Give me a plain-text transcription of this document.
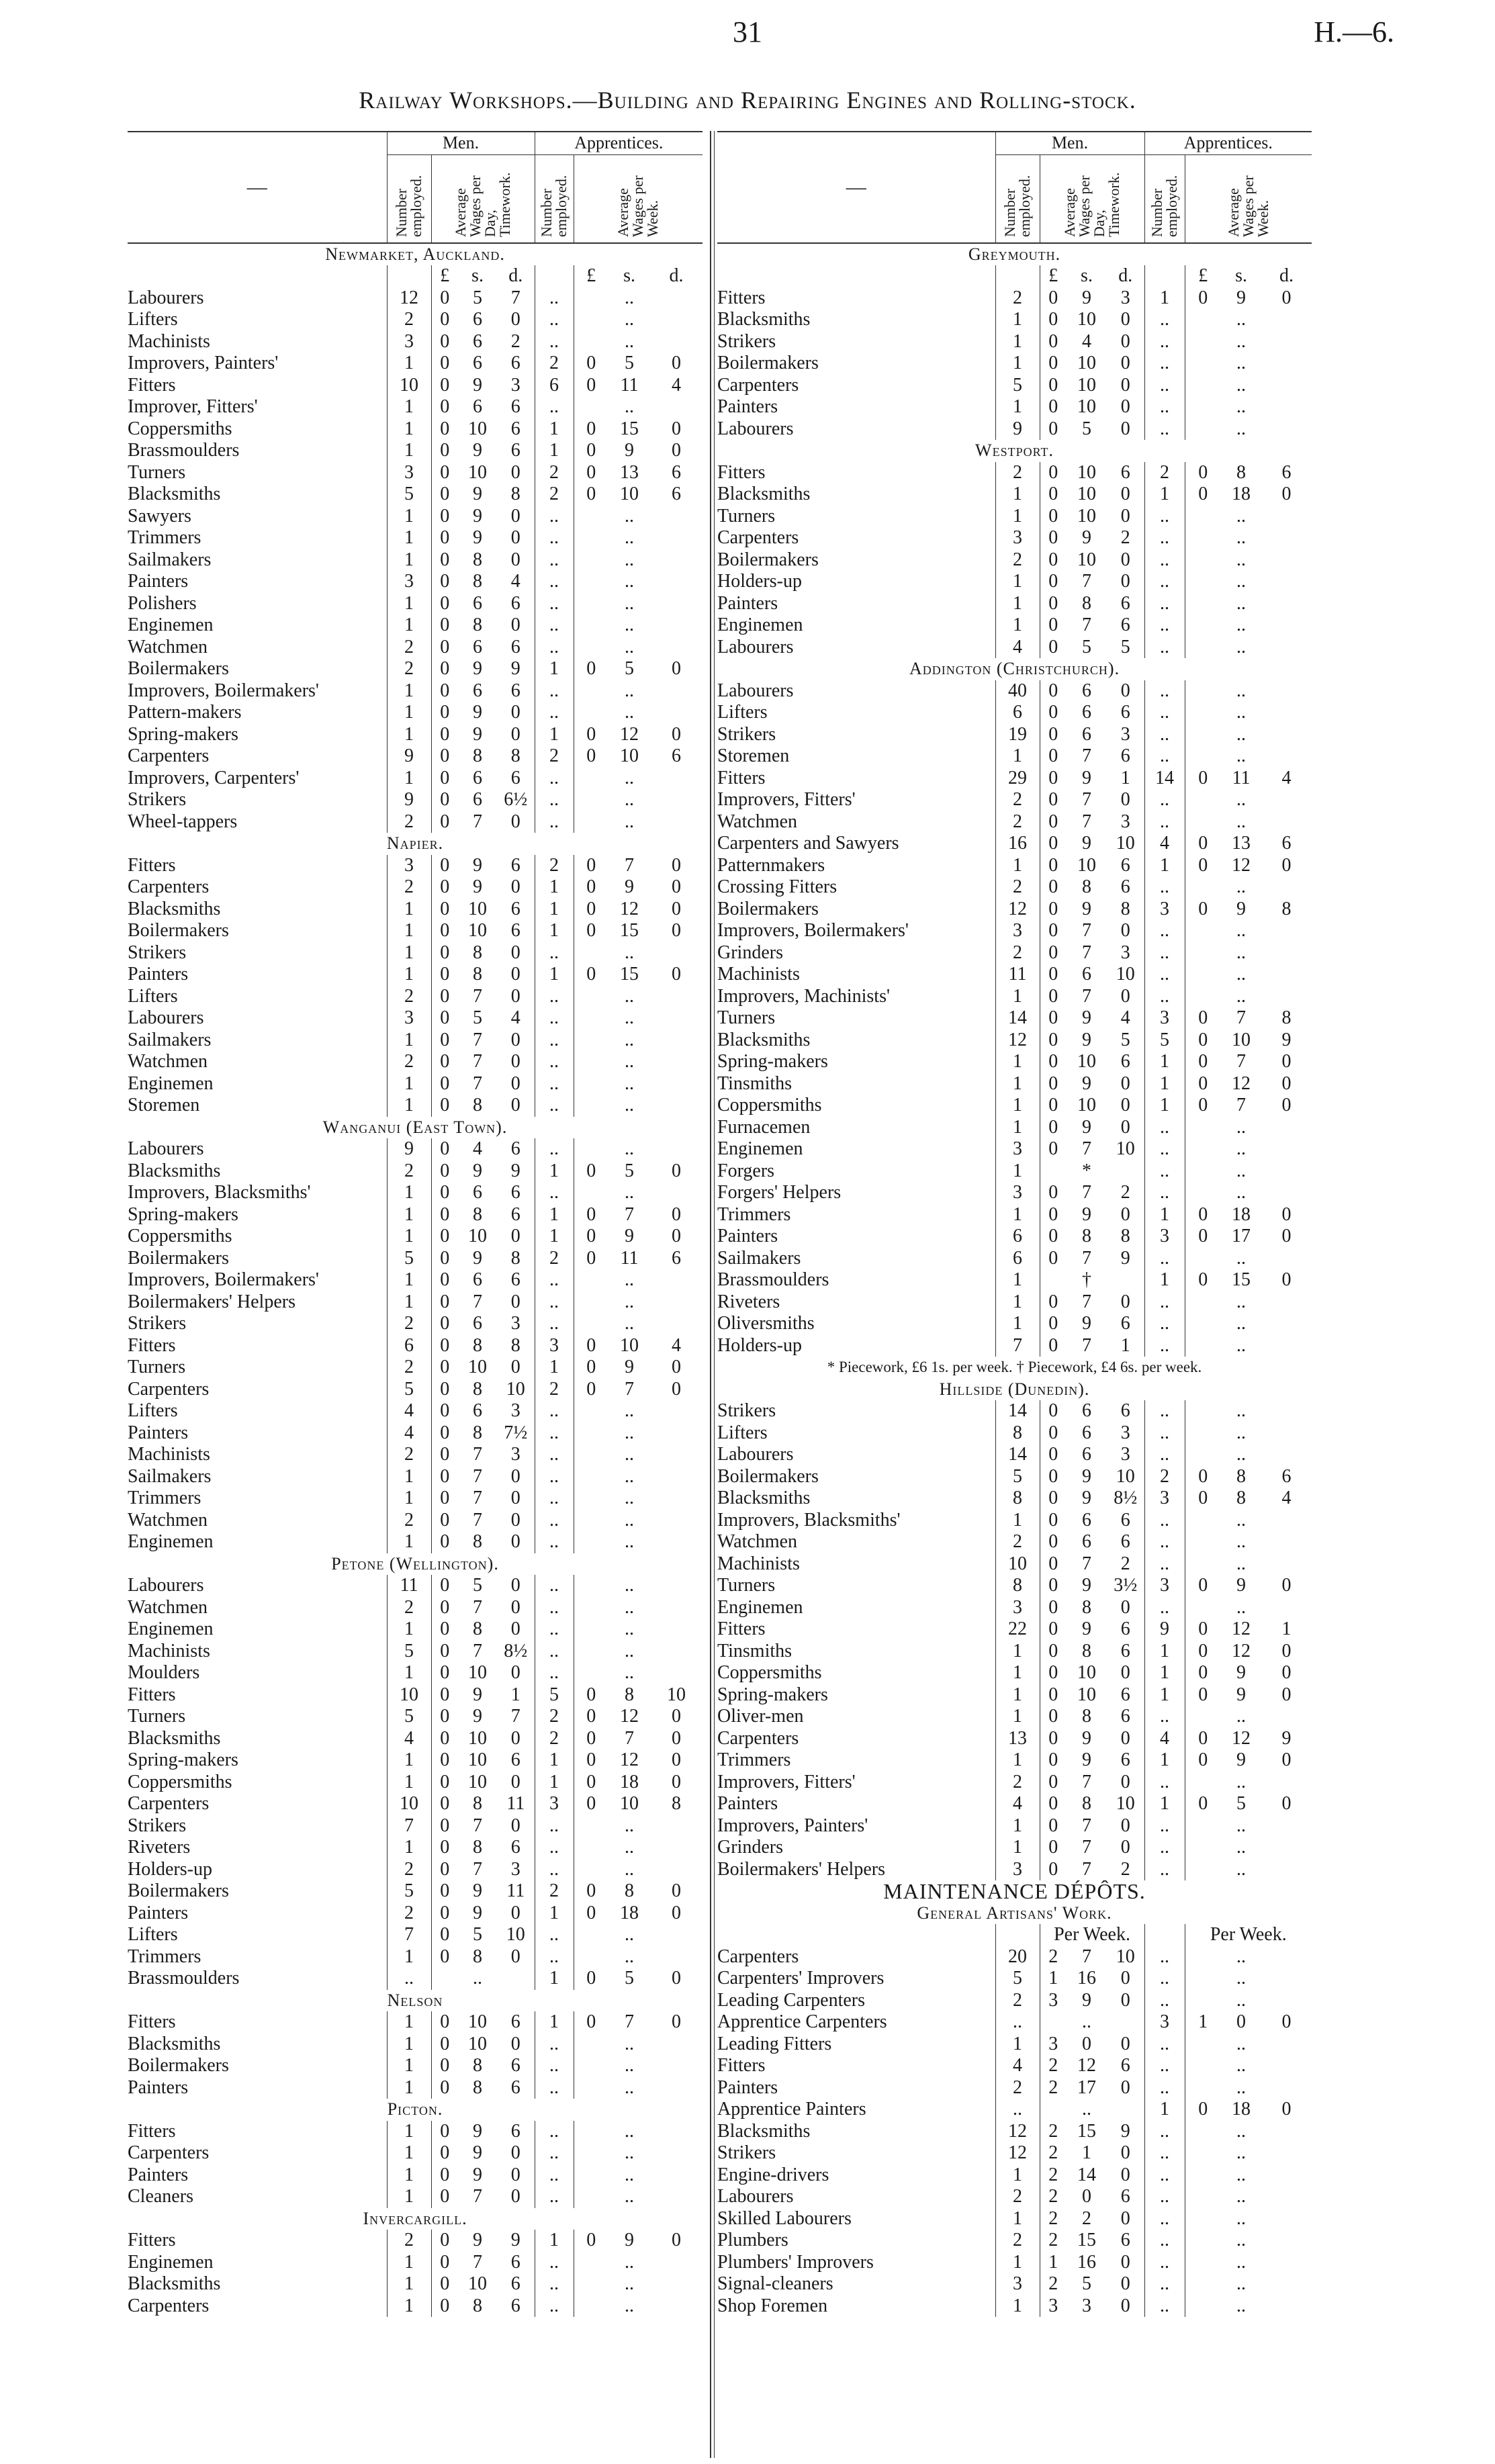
31	H.—6.
Railway Workshops.—Building and Repairing Engines and Rolling-stock.
—	Men.				Apprentices.			
	Number employed.	Average Wages per Day, Timework.			Number employed.	Average Wages per Week.		
Newmarket, Auckland.								
		£	s.	d.		£	s.	d.
Labourers	12	0	5	7	..		..	
Lifters	2	0	6	0	..		..	
Machinists	3	0	6	2	..		..	
Improvers, Painters'	1	0	6	6	2	0	5	0
Fitters	10	0	9	3	6	0	11	4
Improver, Fitters'	1	0	6	6	..		..	
Coppersmiths	1	0	10	6	1	0	15	0
Brassmoulders	1	0	9	6	1	0	9	0
Turners	3	0	10	0	2	0	13	6
Blacksmiths	5	0	9	8	2	0	10	6
Sawyers	1	0	9	0	..		..	
Trimmers	1	0	9	0	..		..	
Sailmakers	1	0	8	0	..		..	
Painters	3	0	8	4	..		..	
Polishers	1	0	6	6	..		..	
Enginemen	1	0	8	0	..		..	
Watchmen	2	0	6	6	..		..	
Boilermakers	2	0	9	9	1	0	5	0
Improvers, Boilermakers'	1	0	6	6	..		..	
Pattern-makers	1	0	9	0	..		..	
Spring-makers	1	0	9	0	1	0	12	0
Carpenters	9	0	8	8	2	0	10	6
Improvers, Carpenters'	1	0	6	6	..		..	
Strikers	9	0	6	6½	..		..	
Wheel-tappers	2	0	7	0	..		..	
Napier.								
Fitters	3	0	9	6	2	0	7	0
Carpenters	2	0	9	0	1	0	9	0
Blacksmiths	1	0	10	6	1	0	12	0
Boilermakers	1	0	10	6	1	0	15	0
Strikers	1	0	8	0	..		..	
Painters	1	0	8	0	1	0	15	0
Lifters	2	0	7	0	..		..	
Labourers	3	0	5	4	..		..	
Sailmakers	1	0	7	0	..		..	
Watchmen	2	0	7	0	..		..	
Enginemen	1	0	7	0	..		..	
Storemen	1	0	8	0	..		..	
Wanganui (East Town).								
Labourers	9	0	4	6	..		..	
Blacksmiths	2	0	9	9	1	0	5	0
Improvers, Blacksmiths'	1	0	6	6	..		..	
Spring-makers	1	0	8	6	1	0	7	0
Coppersmiths	1	0	10	0	1	0	9	0
Boilermakers	5	0	9	8	2	0	11	6
Improvers, Boilermakers'	1	0	6	6	..		..	
Boilermakers' Helpers	1	0	7	0	..		..	
Strikers	2	0	6	3	..		..	
Fitters	6	0	8	8	3	0	10	4
Turners	2	0	10	0	1	0	9	0
Carpenters	5	0	8	10	2	0	7	0
Lifters	4	0	6	3	..		..	
Painters	4	0	8	7½	..		..	
Machinists	2	0	7	3	..		..	
Sailmakers	1	0	7	0	..		..	
Trimmers	1	0	7	0	..		..	
Watchmen	2	0	7	0	..		..	
Enginemen	1	0	8	0	..		..	
Petone (Wellington).								
Labourers	11	0	5	0	..		..	
Watchmen	2	0	7	0	..		..	
Enginemen	1	0	8	0	..		..	
Machinists	5	0	7	8½	..		..	
Moulders	1	0	10	0	..		..	
Fitters	10	0	9	1	5	0	8	10
Turners	5	0	9	7	2	0	12	0
Blacksmiths	4	0	10	0	2	0	7	0
Spring-makers	1	0	10	6	1	0	12	0
Coppersmiths	1	0	10	0	1	0	18	0
Carpenters	10	0	8	11	3	0	10	8
Strikers	7	0	7	0	..		..	
Riveters	1	0	8	6	..		..	
Holders-up	2	0	7	3	..		..	
Boilermakers	5	0	9	11	2	0	8	0
Painters	2	0	9	0	1	0	18	0
Lifters	7	0	5	10	..		..	
Trimmers	1	0	8	0	..		..	
Brassmoulders	..		..		1	0	5	0
Nelson								
Fitters	1	0	10	6	1	0	7	0
Blacksmiths	1	0	10	0	..		..	
Boilermakers	1	0	8	6	..		..	
Painters	1	0	8	6	..		..	
Picton.								
Fitters	1	0	9	6	..		..	
Carpenters	1	0	9	0	..		..	
Painters	1	0	9	0	..		..	
Cleaners	1	0	7	0	..		..	
Invercargill.								
Fitters	2	0	9	9	1	0	9	0
Enginemen	1	0	7	6	..		..	
Blacksmiths	1	0	10	6	..		..	
Carpenters	1	0	8	6	..		..	
—	Men.				Apprentices.			
	Number employed.	Average Wages per Day, Timework.			Number employed.	Average Wages per Week.		
Greymouth.								
		£	s.	d.		£	s.	d.
Fitters	2	0	9	3	1	0	9	0
Blacksmiths	1	0	10	0	..		..	
Strikers	1	0	4	0	..		..	
Boilermakers	1	0	10	0	..		..	
Carpenters	5	0	10	0	..		..	
Painters	1	0	10	0	..		..	
Labourers	9	0	5	0	..		..	
Westport.								
Fitters	2	0	10	6	2	0	8	6
Blacksmiths	1	0	10	0	1	0	18	0
Turners	1	0	10	0	..		..	
Carpenters	3	0	9	2	..		..	
Boilermakers	2	0	10	0	..		..	
Holders-up	1	0	7	0	..		..	
Painters	1	0	8	6	..		..	
Enginemen	1	0	7	6	..		..	
Labourers	4	0	5	5	..		..	
Addington (Christchurch).								
Labourers	40	0	6	0	..		..	
Lifters	6	0	6	6	..		..	
Strikers	19	0	6	3	..		..	
Storemen	1	0	7	6	..		..	
Fitters	29	0	9	1	14	0	11	4
Improvers, Fitters'	2	0	7	0	..		..	
Watchmen	2	0	7	3	..		..	
Carpenters and Sawyers	16	0	9	10	4	0	13	6
Patternmakers	1	0	10	6	1	0	12	0
Crossing Fitters	2	0	8	6	..		..	
Boilermakers	12	0	9	8	3	0	9	8
Improvers, Boilermakers'	3	0	7	0	..		..	
Grinders	2	0	7	3	..		..	
Machinists	11	0	6	10	..		..	
Improvers, Machinists'	1	0	7	0	..		..	
Turners	14	0	9	4	3	0	7	8
Blacksmiths	12	0	9	5	5	0	10	9
Spring-makers	1	0	10	6	1	0	7	0
Tinsmiths	1	0	9	0	1	0	12	0
Coppersmiths	1	0	10	0	1	0	7	0
Furnacemen	1	0	9	0	..		..	
Enginemen	3	0	7	10	..		..	
Forgers	1		*		..		..	
Forgers' Helpers	3	0	7	2	..		..	
Trimmers	1	0	9	0	1	0	18	0
Painters	6	0	8	8	3	0	17	0
Sailmakers	6	0	7	9	..		..	
Brassmoulders	1		†		1	0	15	0
Riveters	1	0	7	0	..		..	
Oliversmiths	1	0	9	6	..		..	
Holders-up	7	0	7	1	..		..	
* Piecework, £6 1s. per week. † Piecework, £4 6s. per week.								
Hillside (Dunedin).								
Strikers	14	0	6	6	..		..	
Lifters	8	0	6	3	..		..	
Labourers	14	0	6	3	..		..	
Boilermakers	5	0	9	10	2	0	8	6
Blacksmiths	8	0	9	8½	3	0	8	4
Improvers, Blacksmiths'	1	0	6	6	..		..	
Watchmen	2	0	6	6	..		..	
Machinists	10	0	7	2	..		..	
Turners	8	0	9	3½	3	0	9	0
Enginemen	3	0	8	0	..		..	
Fitters	22	0	9	6	9	0	12	1
Tinsmiths	1	0	8	6	1	0	12	0
Coppersmiths	1	0	10	0	1	0	9	0
Spring-makers	1	0	10	6	1	0	9	0
Oliver-men	1	0	8	6	..		..	
Carpenters	13	0	9	0	4	0	12	9
Trimmers	1	0	9	6	1	0	9	0
Improvers, Fitters'	2	0	7	0	..		..	
Painters	4	0	8	10	1	0	5	0
Improvers, Painters'	1	0	7	0	..		..	
Grinders	1	0	7	0	..		..	
Boilermakers' Helpers	3	0	7	2	..		..	
MAINTENANCE DÉPÔTS.								
General Artisans' Work.								
		Per Week.				Per Week.		
Carpenters	20	2	7	10	..		..	
Carpenters' Improvers	5	1	16	0	..		..	
Leading Carpenters	2	3	9	0	..		..	
Apprentice Carpenters	..		..		3	1	0	0
Leading Fitters	1	3	0	0	..		..	
Fitters	4	2	12	6	..		..	
Painters	2	2	17	0	..		..	
Apprentice Painters	..		..		1	0	18	0
Blacksmiths	12	2	15	9	..		..	
Strikers	12	2	1	0	..		..	
Engine-drivers	1	2	14	0	..		..	
Labourers	2	2	0	6	..		..	
Skilled Labourers	1	2	2	0	..		..	
Plumbers	2	2	15	6	..		..	
Plumbers' Improvers	1	1	16	0	..		..	
Signal-cleaners	3	2	5	0	..		..	
Shop Foremen	1	3	3	0	..		..	
